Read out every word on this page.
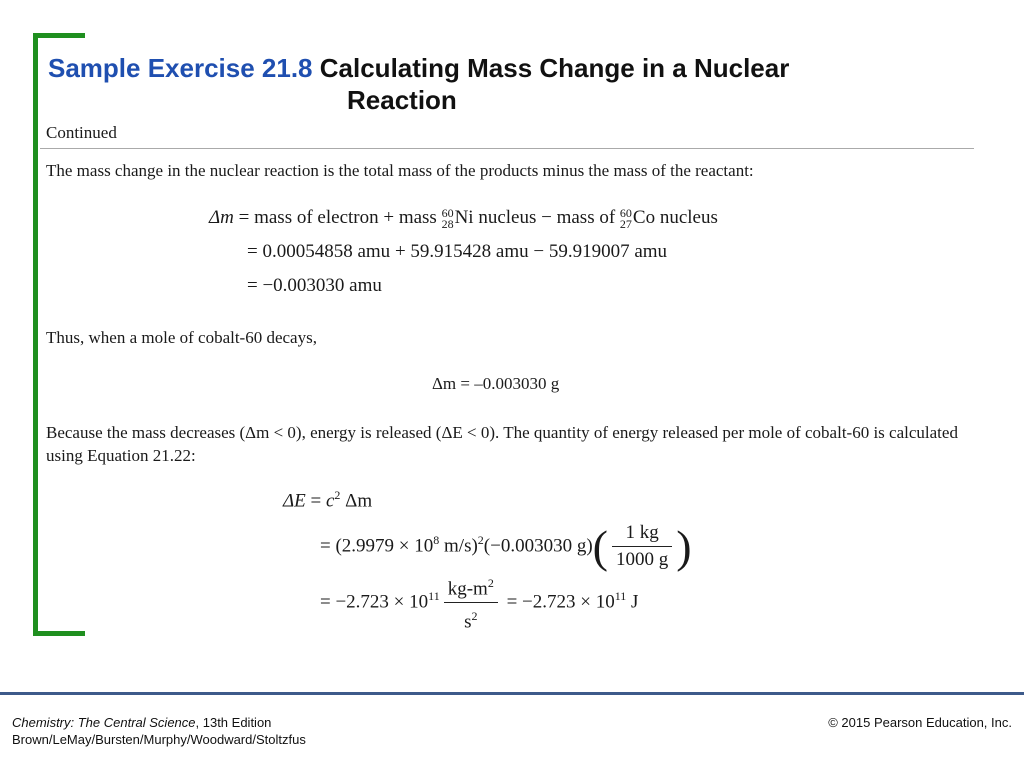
Sample Exercise 21.8 Calculating Mass Change in a Nuclear
Reaction
Continued
The mass change in the nuclear reaction is the total mass of the products minus the mass of the reactant:
Δm = mass of electron + mass 60
28Ni nucleus − mass of 60
27Co nucleus
= 0.00054858 amu + 59.915428 amu − 59.919007 amu
= −0.003030 amu
Thus, when a mole of cobalt-60 decays,
Δm = –0.003030 g
Because the mass decreases (Δm < 0), energy is released (ΔE < 0). The quantity of energy released per mole of cobalt-60 is calculated using Equation 21.22:
$\Delta E = c^2$ Δm
= ($2.9979 \times 10^8$ m/s)$^2$(−0.003030 $g)( \frac{1 kg}{1000 g}$ )
= $-2.723 \times 10^{11} \frac{kg-m^2}{s^2} = -2.723 \times 10^{11}$ J
Chemistry: The Central Science, 13th Edition
Brown/LeMay/Bursten/Murphy/Woodward/Stoltzfus
© 2015 Pearson Education, Inc.
